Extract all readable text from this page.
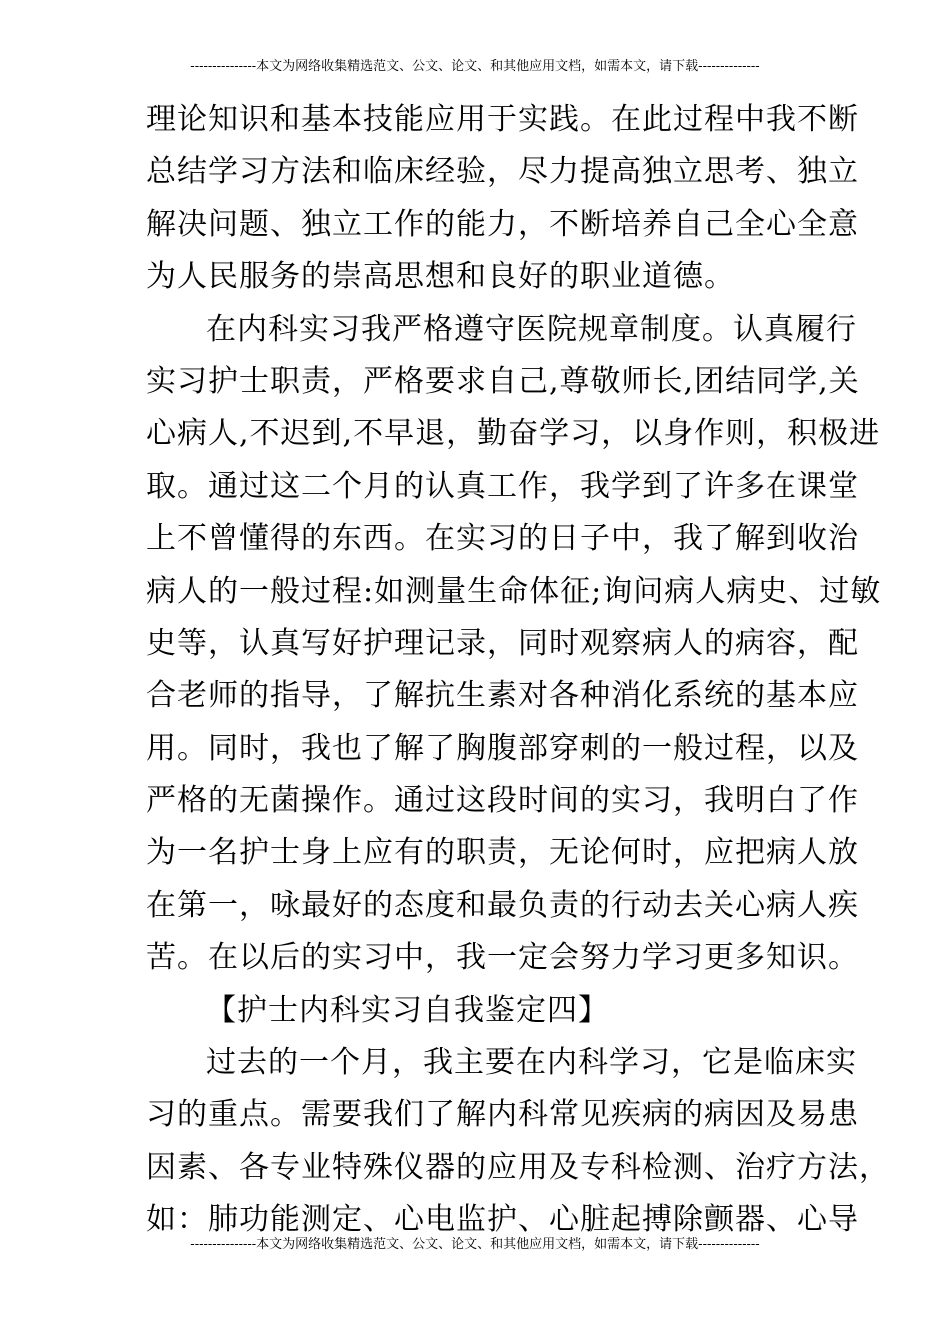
---------------本文为网络收集精选范文、公文、论文、和其他应用文档，如需本文，请下载--------------
理论知识和基本技能应用于实践。在此过程中我不断
总结学习方法和临床经验，尽力提高独立思考、独立
解决问题、独立工作的能力，不断培养自己全心全意
为人民服务的崇高思想和良好的职业道德。
在内科实习我严格遵守医院规章制度。认真履行
实习护士职责，严格要求自己,尊敬师长,团结同学,关
心病人,不迟到,不早退，勤奋学习，以身作则，积极进
取。通过这二个月的认真工作，我学到了许多在课堂
上不曾懂得的东西。在实习的日子中，我了解到收治
病人的一般过程:如测量生命体征;询问病人病史、过敏
史等，认真写好护理记录，同时观察病人的病容，配
合老师的指导，了解抗生素对各种消化系统的基本应
用。同时，我也了解了胸腹部穿刺的一般过程，以及
严格的无菌操作。通过这段时间的实习，我明白了作
为一名护士身上应有的职责，无论何时，应把病人放
在第一，咏最好的态度和最负责的行动去关心病人疾
苦。在以后的实习中，我一定会努力学习更多知识。
【护士内科实习自我鉴定四】
过去的一个月，我主要在内科学习，它是临床实
习的重点。需要我们了解内科常见疾病的病因及易患
因素、各专业特殊仪器的应用及专科检测、治疗方法，
如：肺功能测定、心电监护、心脏起搏除颤器、心导
---------------本文为网络收集精选范文、公文、论文、和其他应用文档，如需本文，请下载--------------
